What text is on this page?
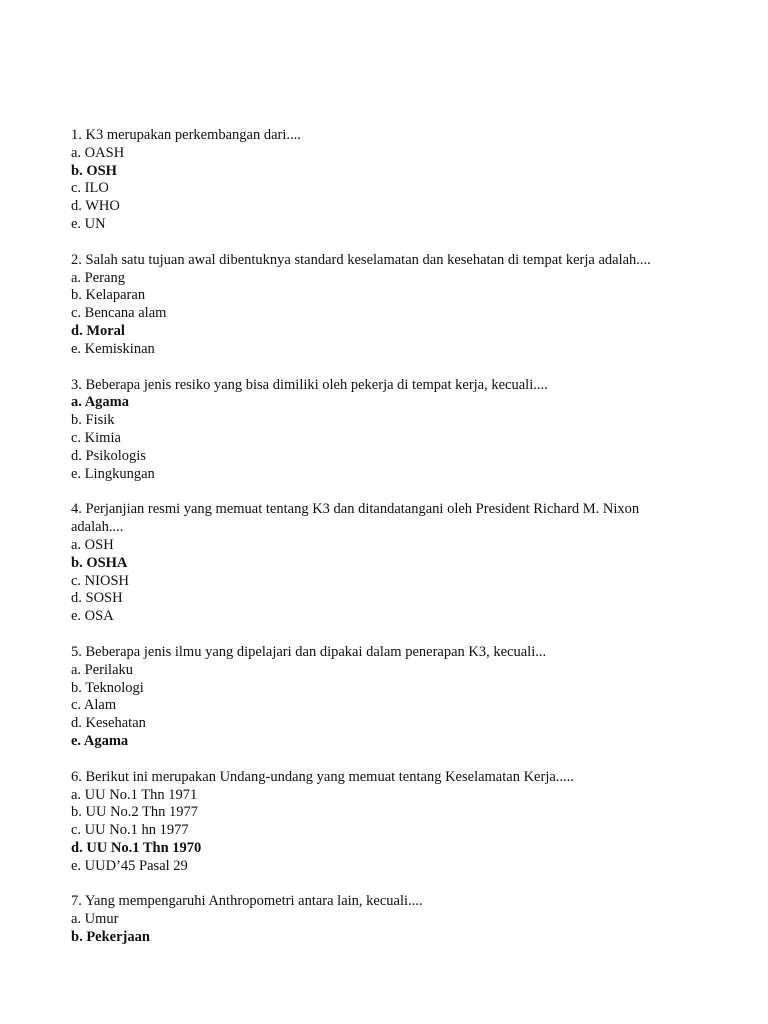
1. K3 merupakan perkembangan dari....
a. OASH
b. OSH
c. ILO
d. WHO
e. UN
2. Salah satu tujuan awal dibentuknya standard keselamatan dan kesehatan di tempat kerja adalah....
a. Perang
b. Kelaparan
c. Bencana alam
d. Moral
e. Kemiskinan
3. Beberapa jenis resiko yang bisa dimiliki oleh pekerja di tempat kerja, kecuali....
a. Agama
b. Fisik
c. Kimia
d. Psikologis
e. Lingkungan
4. Perjanjian resmi yang memuat tentang K3 dan ditandatangani oleh President Richard M. Nixon adalah....
a. OSH
b. OSHA
c. NIOSH
d. SOSH
e. OSA
5. Beberapa jenis ilmu yang dipelajari dan dipakai dalam penerapan K3, kecuali...
a. Perilaku
b. Teknologi
c. Alam
d. Kesehatan
e. Agama
6. Berikut ini merupakan Undang-undang yang memuat tentang Keselamatan Kerja.....
a. UU No.1 Thn 1971
b. UU No.2 Thn 1977
c. UU No.1 hn 1977
d. UU No.1 Thn 1970
e. UUD’45 Pasal 29
7. Yang mempengaruhi Anthropometri antara lain, kecuali....
a. Umur
b. Pekerjaan
